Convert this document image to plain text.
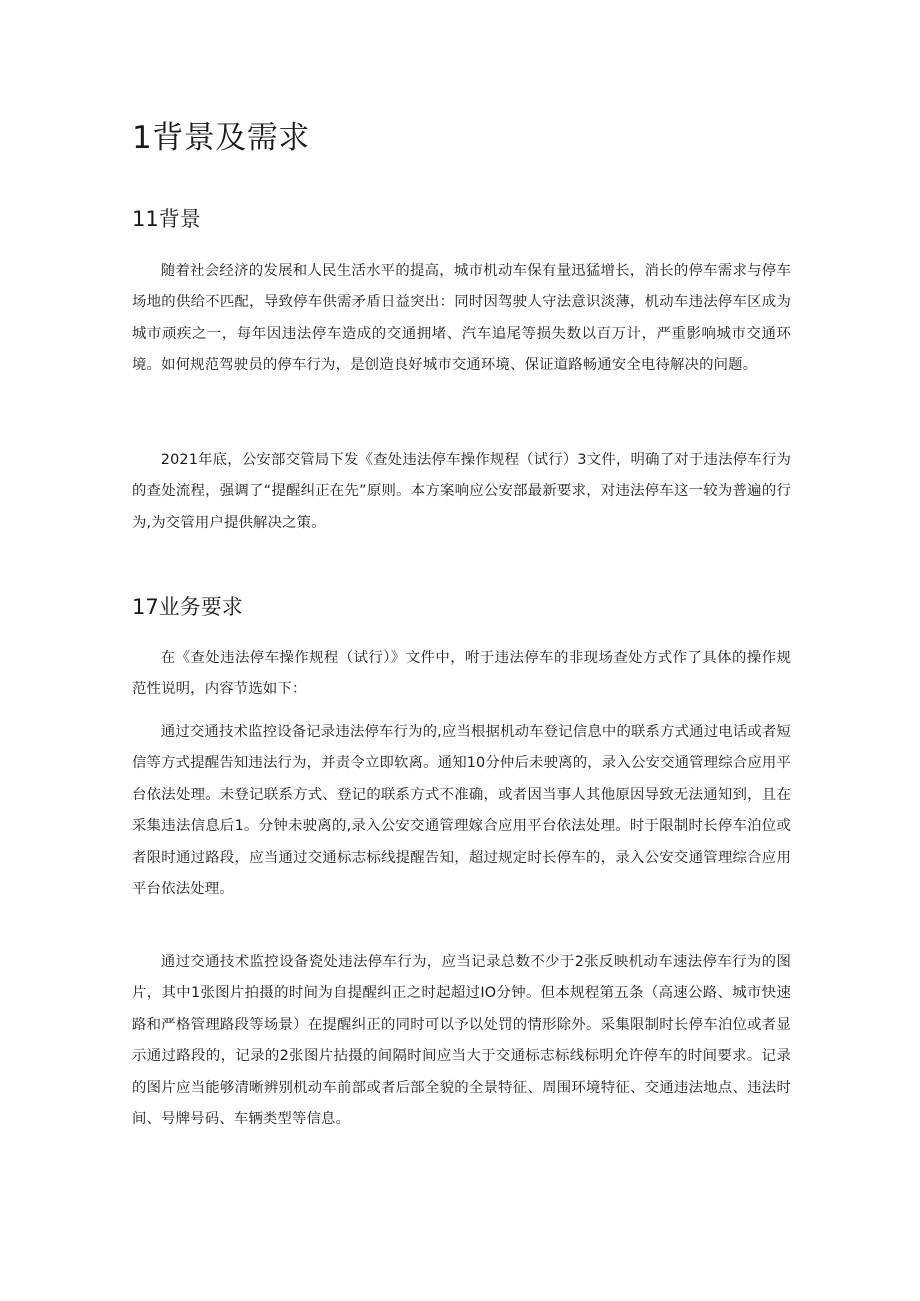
1背景及需求
11背景

随着社会经济的发展和人民生活水平的提高，城市机动车保有量迅猛增长，消长的停车需求与停车场地的供给不匹配，导致停车供需矛盾日益突出：同时因驾驶人守法意识淡薄，机动车违法停车区成为城市顽疾之一，每年因违法停车造成的交通拥堵、汽车追尾等损失数以百万计，严重影响城市交通环境。如何规范驾驶员的停车行为，是创造良好城市交通环境、保证道路畅通安全电待解决的问题。

2021年底，公安部交管局下发《查处违法停车操作规程（试行）3文件，明确了对于违法停车行为的查处流程，强调了“提醒纠正在先”原则。本方案响应公安部最新要求，对违法停车这一较为普遍的行为,为交管用户提供解决之策。

17业务要求

在《查处违法停车操作规程（试行）》文件中，咐于违法停车的非现场查处方式作了具体的操作规范性说明，内容节选如下：

通过交通技术监控设备记录违法停车行为的,应当根据机动车登记信息中的联系方式通过电话或者短信等方式提醒告知违法行为，并责令立即软离。通知10分仲后未驶离的，录入公安交通管理综合应用平台依法处理。未登记联系方式、登记的联系方式不准确，或者因当事人其他原因导致无法通知到，且在采集违法信息后1。分钟未驶离的,录入公安交通管理嫁合应用平台依法处理。时于限制时长停车泊位或者限时通过路段，应当通过交通标志标线提醒告知，超过规定时长停车的，录入公安交通管理综合应用平台依法处理。

通过交通技术监控设备瓷处违法停车行为，应当记录总数不少于2张反映机动车速法停车行为的图片，其中1张图片拍摄的时间为自提醒纠正之时起超过IO分钟。但本规程第五条（高速公路、城市快速路和严格管理路段等场景）在提醒纠正的同时可以予以处罚的情形除外。采集限制时长停车泊位或者显示通过路段的，记录的2张图片拈摄的间隔时间应当大于交通标志标线标明允许停车的时间要求。记录的图片应当能够清晰辨别机动车前部或者后部全貌的全景特征、周围环境特征、交通违法地点、违法时间、号牌号码、车辆类型等信息。
